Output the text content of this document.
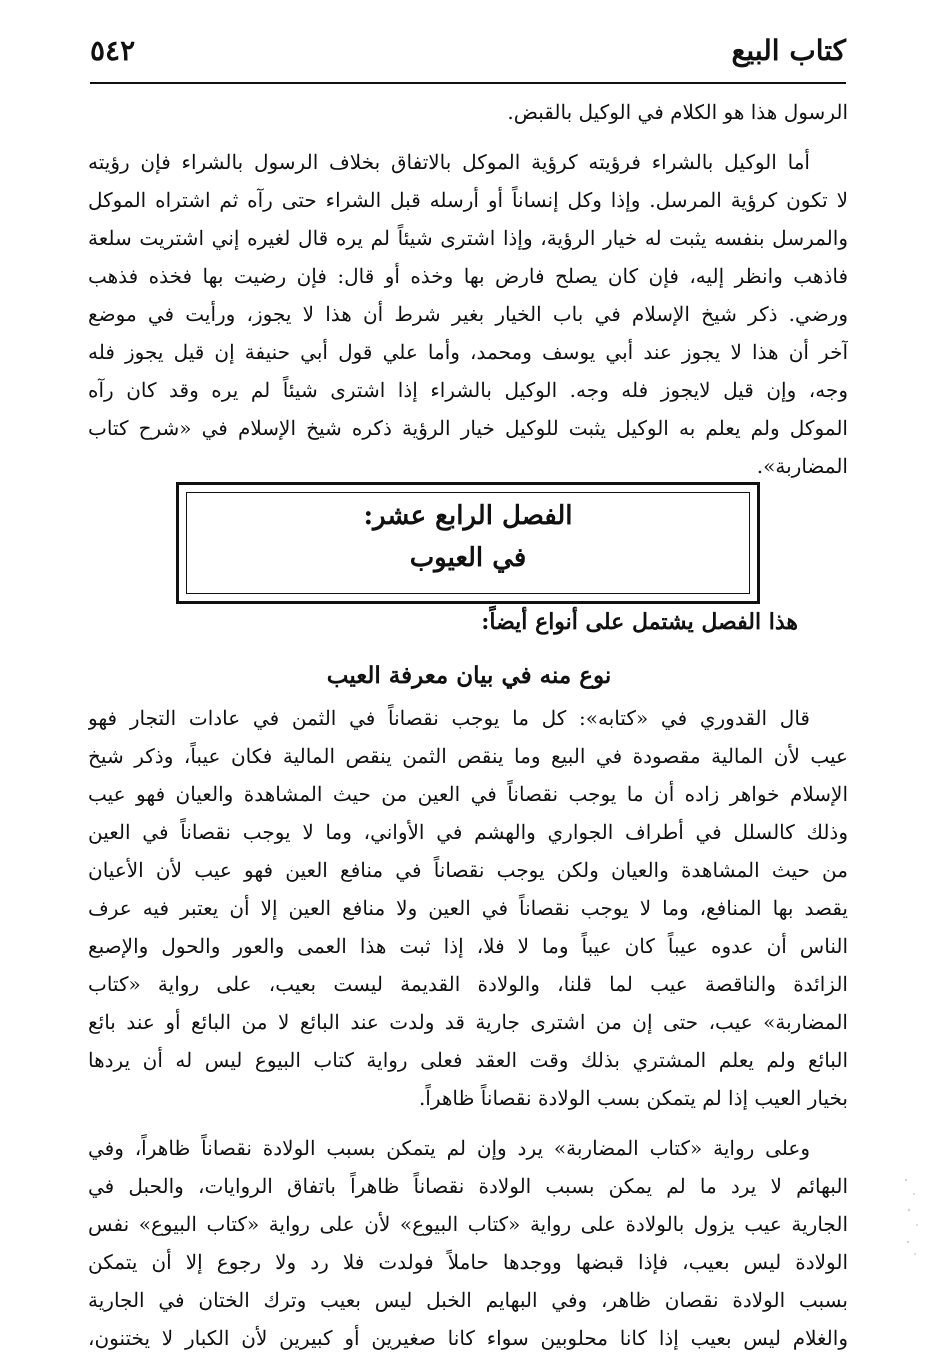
كتاب البيع
٥٤٢
الرسول هذا هو الكلام في الوكيل بالقبض.
أما الوكيل بالشراء فرؤيته كرؤية الموكل بالاتفاق بخلاف الرسول بالشراء فإن رؤيته
لا تكون كرؤية المرسل. وإذا وكل إنساناً أو أرسله قبل الشراء حتى رآه ثم اشتراه الموكل
والمرسل بنفسه يثبت له خيار الرؤية، وإذا اشترى شيئاً لم يره قال لغيره إني اشتريت سلعة
فاذهب وانظر إليه، فإن كان يصلح فارض بها وخذه أو قال: فإن رضيت بها فخذه فذهب
ورضي. ذكر شيخ الإسلام في باب الخيار بغير شرط أن هذا لا يجوز، ورأيت في موضع
آخر أن هذا لا يجوز عند أبي يوسف ومحمد، وأما علي قول أبي حنيفة إن قيل يجوز فله
وجه، وإن قيل لايجوز فله وجه. الوكيل بالشراء إذا اشترى شيئاً لم يره وقد كان رآه
الموكل ولم يعلم به الوكيل يثبت للوكيل خيار الرؤية ذكره شيخ الإسلام في «شرح كتاب
المضاربة».
الفصل الرابع عشر:
في العيوب
هذا الفصل يشتمل على أنواع أيضاً:
نوع منه في بيان معرفة العيب
قال القدوري في «كتابه»: كل ما يوجب نقصاناً في الثمن في عادات التجار فهو
عيب لأن المالية مقصودة في البيع وما ينقص الثمن ينقص المالية فكان عيباً، وذكر شيخ
الإسلام خواهر زاده أن ما يوجب نقصاناً في العين من حيث المشاهدة والعيان فهو عيب
وذلك كالسلل في أطراف الجواري والهشم في الأواني، وما لا يوجب نقصاناً في العين
من حيث المشاهدة والعيان ولكن يوجب نقصاناً في منافع العين فهو عيب لأن الأعيان
يقصد بها المنافع، وما لا يوجب نقصاناً في العين ولا منافع العين إلا أن يعتبر فيه عرف
الناس أن عدوه عيباً كان عيباً وما لا فلا، إذا ثبت هذا العمى والعور والحول والإصبع
الزائدة والناقصة عيب لما قلنا، والولادة القديمة ليست بعيب، على رواية «كتاب
المضاربة» عيب، حتى إن من اشترى جارية قد ولدت عند البائع لا من البائع أو عند بائع
البائع ولم يعلم المشتري بذلك وقت العقد فعلى رواية كتاب البيوع ليس له أن يردها
بخيار العيب إذا لم يتمكن بسب الولادة نقصاناً ظاهراً.
وعلى رواية «كتاب المضاربة» يرد وإن لم يتمكن بسبب الولادة نقصاناً ظاهراً، وفي
البهائم لا يرد ما لم يمكن بسبب الولادة نقصاناً ظاهراً باتفاق الروايات، والحبل في
الجارية عيب يزول بالولادة على رواية «كتاب البيوع» لأن على رواية «كتاب البيوع» نفس
الولادة ليس بعيب، فإذا قبضها ووجدها حاملاً فولدت فلا رد ولا رجوع إلا أن يتمكن
بسبب الولادة نقصان ظاهر، وفي البهايم الخبل ليس بعيب وترك الختان في الجارية
والغلام ليس بعيب إذا كانا محلوبين سواء كانا صغيرين أو كبيرين لأن الكبار لا يختنون،
